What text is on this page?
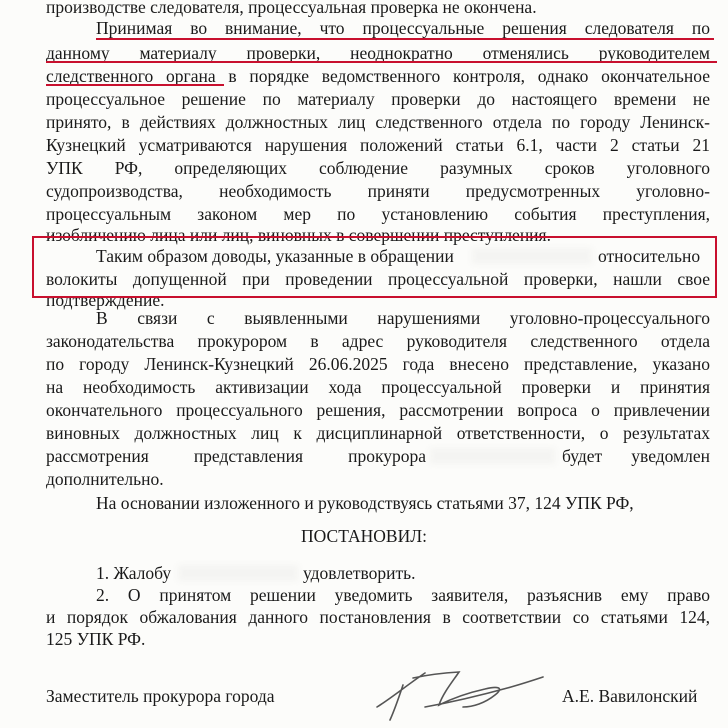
производстве следователя, процессуальная проверка не окончена.
Принимая во внимание, что процессуальные решения следователя по
данному материалу проверки, неоднократно отменялись руководителем
следственного органа в порядке ведомственного контроля, однако окончательное
процессуальное решение по материалу проверки до настоящего времени не
принято, в действиях должностных лиц следственного отдела по городу Ленинск-
Кузнецкий усматриваются нарушения положений статьи 6.1, части 2 статьи 21
УПК РФ, определяющих соблюдение разумных сроков уголовного
судопроизводства, необходимость приняти предусмотренных уголовно-
процессуальным законом мер по установлению события преступления,
изобличению лица или лиц, виновных в совершении преступления.
Таким образом доводы, указанные в обращении	относительно
волокиты допущенной при проведении процессуальной проверки, нашли свое
подтверждение.
В связи с выявленными нарушениями уголовно-процессуального
законодательства прокурором в адрес руководителя следственного отдела
по городу Ленинск-Кузнецкий 26.06.2025 года внесено представление, указано
на необходимость активизации хода процессуальной проверки и принятия
окончательного процессуального решения, рассмотрении вопроса о привлечении
виновных должностных лиц к дисциплинарной ответственности, о результатах
рассмотрения представления прокурора	будет уведомлен
дополнительно.
На основании изложенного и руководствуясь статьями 37, 124 УПК РФ,
ПОСТАНОВИЛ:
1. Жалобу	удовлетворить.
2. О принятом решении уведомить заявителя, разъяснив ему право
и порядок обжалования данного постановления в соответствии со статьями 124,
125 УПК РФ.
Заместитель прокурора города	А.Е. Вавилонский
